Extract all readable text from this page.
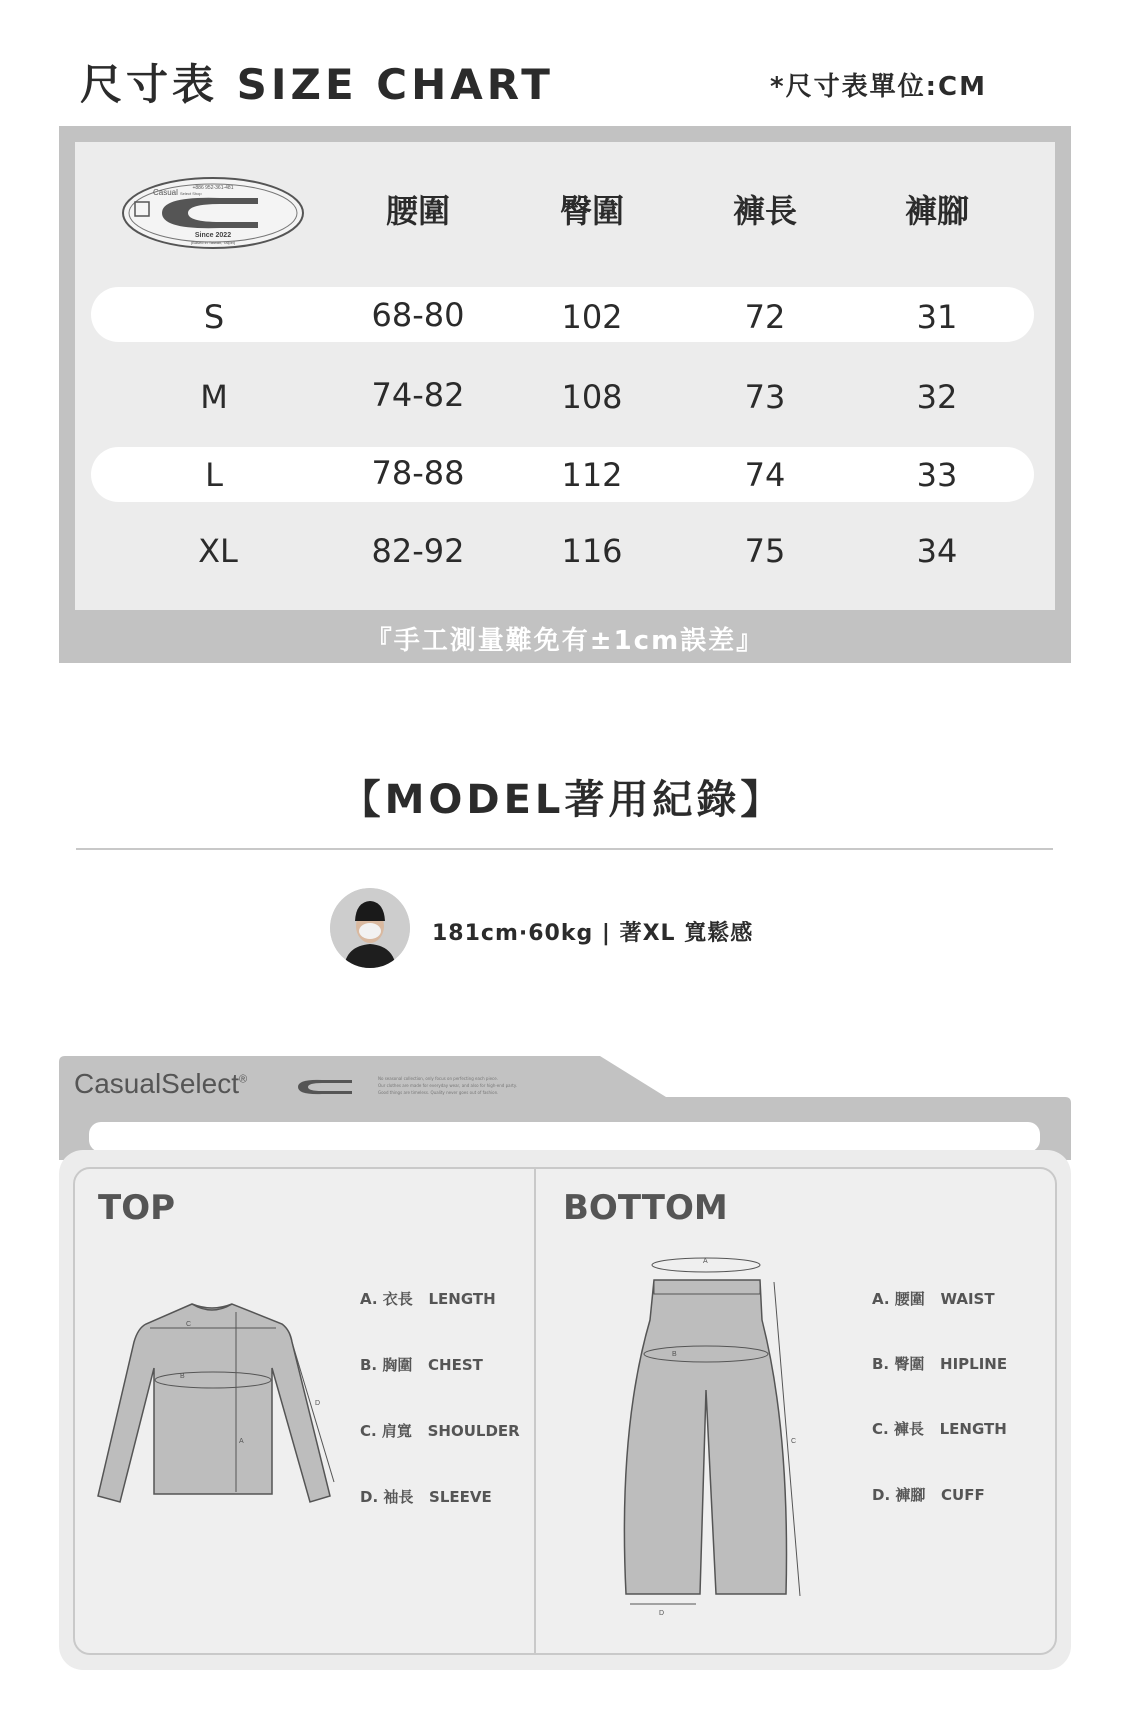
尺寸表 SIZE CHART	*尺寸表單位:CM
+886 952-361-481
Casual Select Shop
Since 2022
(Based in Taiwan, Taipei)
腰圍	臀圍	褲長	褲腳
S	68-80	102	72	31
M	74-82	108	73	32
L	78-88	112	74	33
XL	82-92	116	75	34
『手工測量難免有±1cm誤差』
【MODEL著用紀錄】
181cm·60kg | 著XL 寬鬆感
C
B
A
D
A
B
C
D
CasualSelect®	No seasonal collection, only focus on perfecting each piece.
Our clothes are made for everyday wear, and also for high-end party.
Good things are timeless. Quality never goes out of fashion.
TOP	BOTTOM
A. 衣長 LENGTH
B. 胸圍 CHEST
C. 肩寬 SHOULDER
D. 袖長 SLEEVE
A. 腰圍 WAIST
B. 臀圍 HIPLINE
C. 褲長 LENGTH
D. 褲腳 CUFF
